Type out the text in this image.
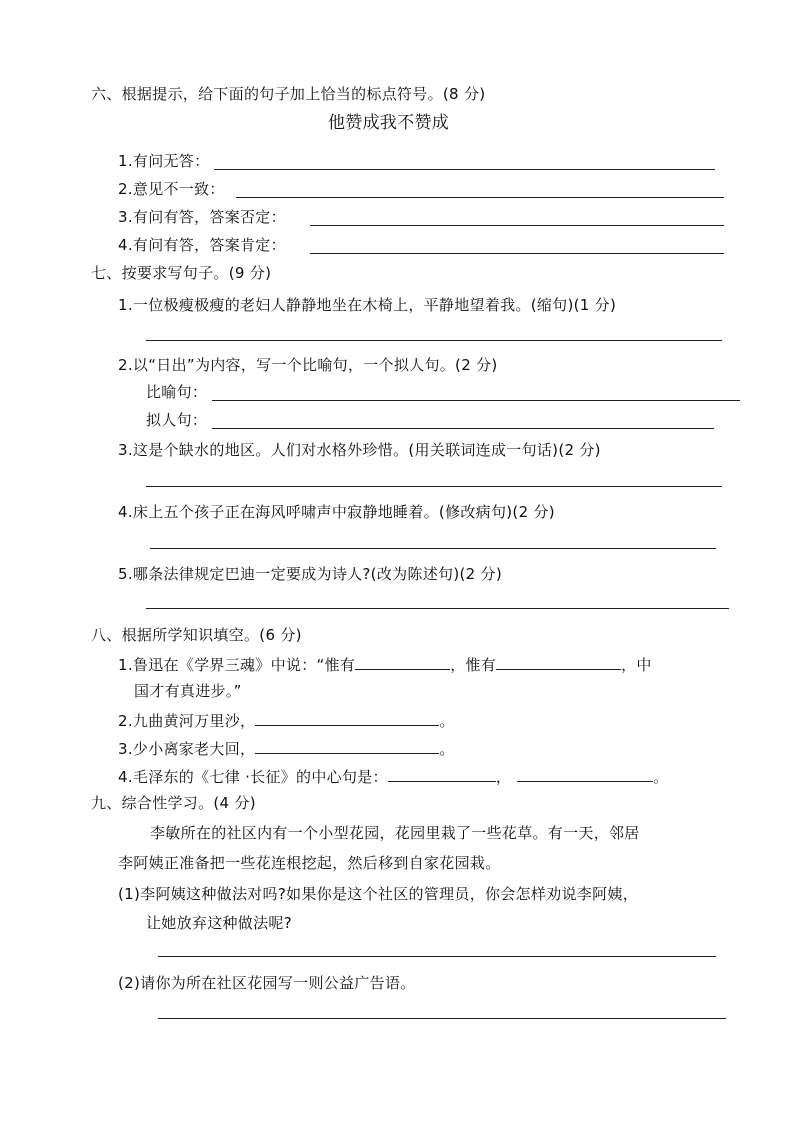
六、根据提示，给下面的句子加上恰当的标点符号。(8 分)
他赞成我不赞成
1.有问无答：
2.意见不一致：
3.有问有答，答案否定：
4.有问有答，答案肯定：
七、按要求写句子。(9 分)
1.一位极瘦极瘦的老妇人静静地坐在木椅上，平静地望着我。(缩句)(1 分)
2.以“日出”为内容，写一个比喻句，一个拟人句。(2 分)
比喻句：
拟人句：
3.这是个缺水的地区。人们对水格外珍惜。(用关联词连成一句话)(2 分)
4.床上五个孩子正在海风呼啸声中寂静地睡着。(修改病句)(2 分)
5.哪条法律规定巴迪一定要成为诗人?(改为陈述句)(2 分)
八、根据所学知识填空。(6 分)
1.鲁迅在《学界三魂》中说：“惟有	，惟有	，中
国才有真进步。”
2.九曲黄河万里沙，	。
3.少小离家老大回，	。
4.毛泽东的《七律 ·长征》的中心句是：	，	。
九、综合性学习。(4 分)
李敏所在的社区内有一个小型花园，花园里栽了一些花草。有一天，邻居
李阿姨正准备把一些花连根挖起，然后移到自家花园栽。
(1)李阿姨这种做法对吗?如果你是这个社区的管理员，你会怎样劝说李阿姨，
让她放弃这种做法呢?
(2)请你为所在社区花园写一则公益广告语。
